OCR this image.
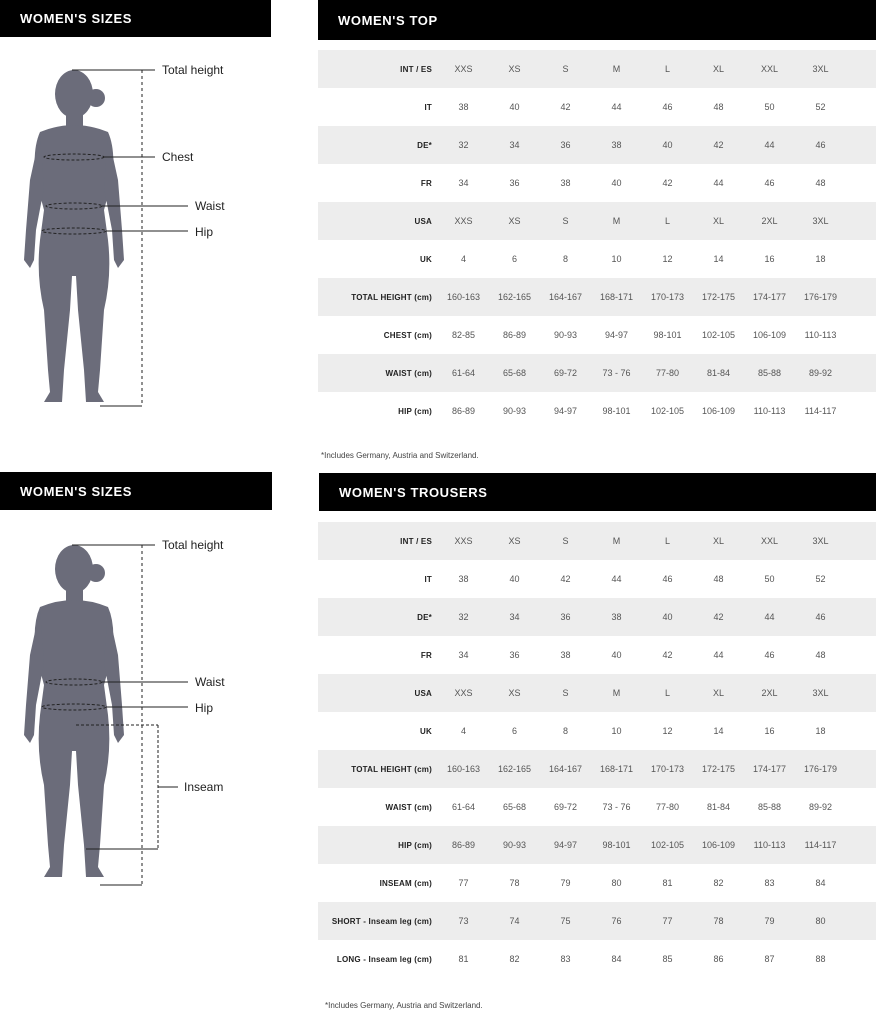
WOMEN'S SIZES	WOMEN'S TOP
Total height
Chest
Waist
Hip
INT / ES	XXS	XS	S	M	L	XL	XXL	3XL
IT	38	40	42	44	46	48	50	52
DE*	32	34	36	38	40	42	44	46
FR	34	36	38	40	42	44	46	48
USA	XXS	XS	S	M	L	XL	2XL	3XL
UK	4	6	8	10	12	14	16	18
TOTAL HEIGHT (cm)	160-163	162-165	164-167	168-171	170-173	172-175	174-177	176-179
CHEST (cm)	82-85	86-89	90-93	94-97	98-101	102-105	106-109	110-113
WAIST (cm)	61-64	65-68	69-72	73 - 76	77-80	81-84	85-88	89-92
HIP (cm)	86-89	90-93	94-97	98-101	102-105	106-109	110-113	114-117
*Includes Germany, Austria and Switzerland.
WOMEN'S SIZES	WOMEN'S TROUSERS
Total height
Waist
Hip
Inseam
INT / ES	XXS	XS	S	M	L	XL	XXL	3XL
IT	38	40	42	44	46	48	50	52
DE*	32	34	36	38	40	42	44	46
FR	34	36	38	40	42	44	46	48
USA	XXS	XS	S	M	L	XL	2XL	3XL
UK	4	6	8	10	12	14	16	18
TOTAL HEIGHT (cm)	160-163	162-165	164-167	168-171	170-173	172-175	174-177	176-179
WAIST (cm)	61-64	65-68	69-72	73 - 76	77-80	81-84	85-88	89-92
HIP (cm)	86-89	90-93	94-97	98-101	102-105	106-109	110-113	114-117
INSEAM (cm)	77	78	79	80	81	82	83	84
SHORT - Inseam leg (cm)	73	74	75	76	77	78	79	80
LONG - Inseam leg (cm)	81	82	83	84	85	86	87	88
*Includes Germany, Austria and Switzerland.
